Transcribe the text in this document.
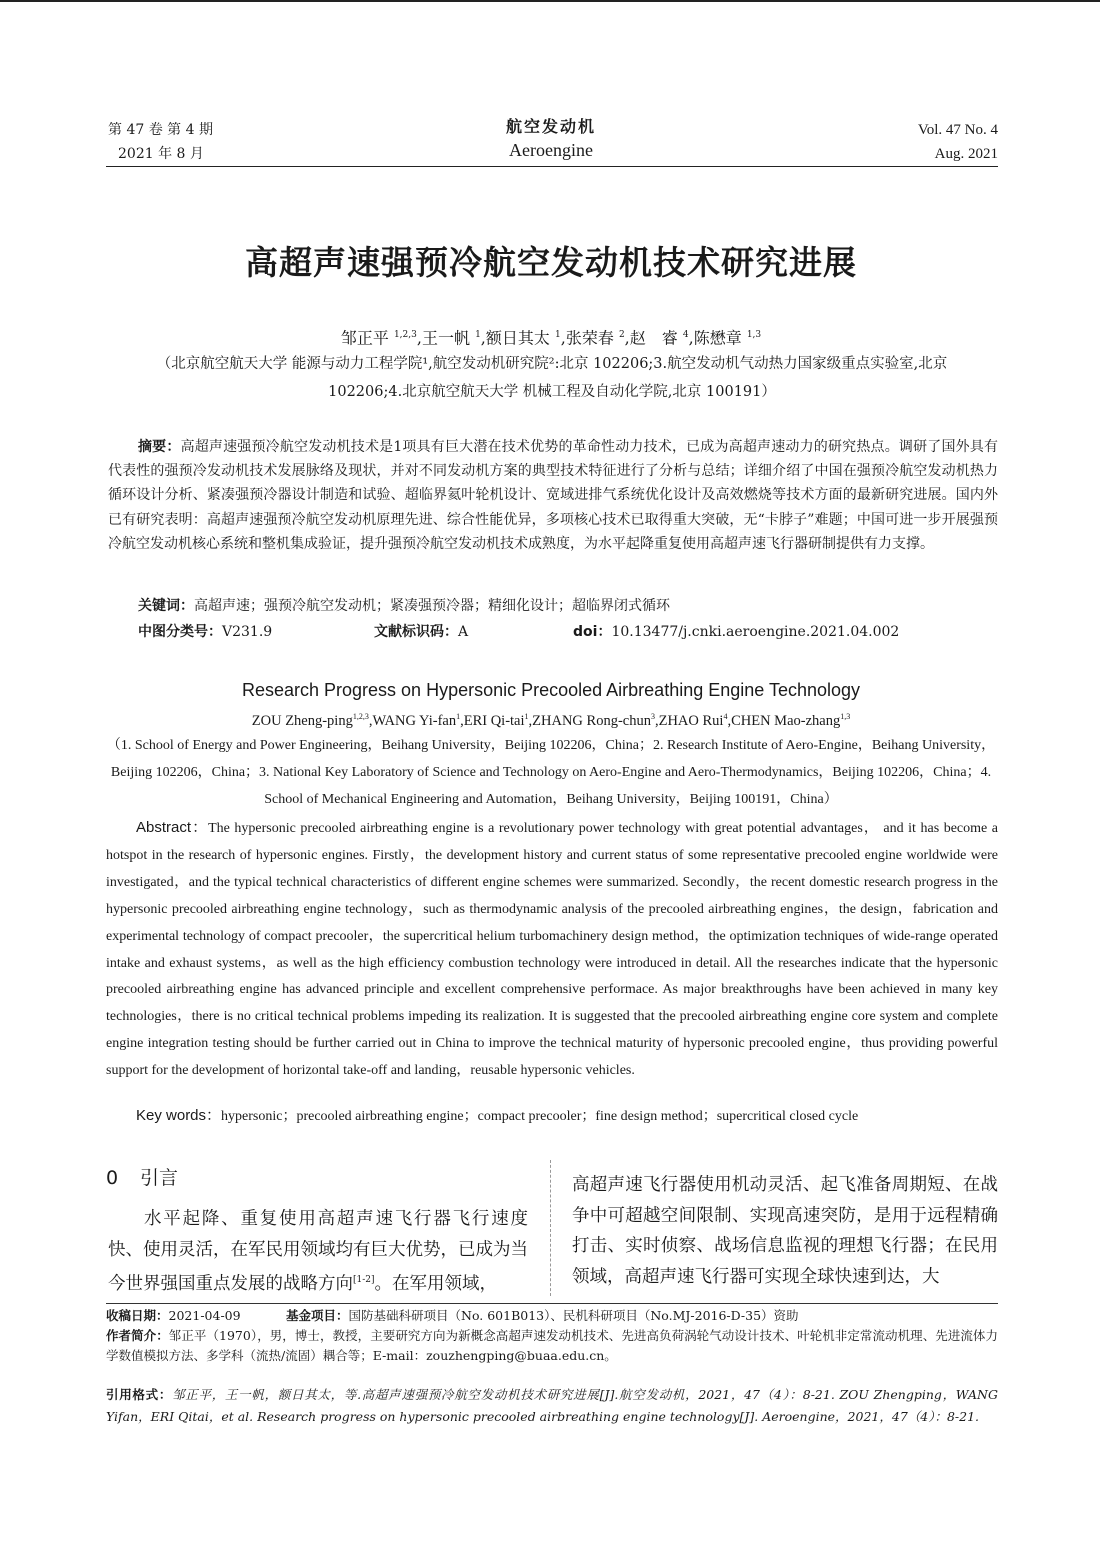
第 47 卷 第 4 期
2021 年 8 月
航空发动机
Aeroengine
Vol. 47 No. 4
Aug. 2021
高超声速强预冷航空发动机技术研究进展
邹正平 $^{1,2,3}$,王一帆 $^1$,额日其太 $^1$,张荣春 $^2$,赵　睿 $^4$,陈懋章 $^{1,3}$
（北京航空航天大学 能源与动力工程学院¹,航空发动机研究院²:北京 102206;3.航空发动机气动热力国家级重点实验室,北京
102206;4.北京航空航天大学 机械工程及自动化学院,北京 100191）
摘要：高超声速强预冷航空发动机技术是1项具有巨大潜在技术优势的革命性动力技术，已成为高超声速动力的研究热点。调研了国外具有代表性的强预冷发动机技术发展脉络及现状，并对不同发动机方案的典型技术特征进行了分析与总结；详细介绍了中国在强预冷航空发动机热力循环设计分析、紧凑强预冷器设计制造和试验、超临界氦叶轮机设计、宽域进排气系统优化设计及高效燃烧等技术方面的最新研究进展。国内外已有研究表明：高超声速强预冷航空发动机原理先进、综合性能优异，多项核心技术已取得重大突破，无“卡脖子”难题；中国可进一步开展强预冷航空发动机核心系统和整机集成验证，提升强预冷航空发动机技术成熟度，为水平起降重复使用高超声速飞行器研制提供有力支撑。
关键词：高超声速；强预冷航空发动机；紧凑强预冷器；精细化设计；超临界闭式循环
中图分类号：V231.9	文献标识码：A	doi：10.13477/j.cnki.aeroengine.2021.04.002
Research Progress on Hypersonic Precooled Airbreathing Engine Technology
ZOU Zheng-ping$^{1,2,3}$,WANG Yi-fan$^1$,ERI Qi-tai$^1$,ZHANG Rong-chun$^3$,ZHAO Rui$^4$,CHEN Mao-zhang$^{1,3}$
（1. School of Energy and Power Engineering，Beihang University，Beijing 102206，China；2. Research Institute of Aero-Engine，Beihang University，Beijing 102206，China；3. National Key Laboratory of Science and Technology on Aero-Engine and Aero-Thermodynamics，Beijing 102206，China；4. School of Mechanical Engineering and Automation，Beihang University，Beijing 100191，China）
Abstract：The hypersonic precooled airbreathing engine is a revolutionary power technology with great potential advantages， and it has become a hotspot in the research of hypersonic engines. Firstly，the development history and current status of some representative precooled engine worldwide were investigated，and the typical technical characteristics of different engine schemes were summarized. Secondly，the recent domestic research progress in the hypersonic precooled airbreathing engine technology，such as thermodynamic analysis of the precooled airbreathing engines，the design，fabrication and experimental technology of compact precooler，the supercritical helium turbomachinery design method，the optimization techniques of wide-range operated intake and exhaust systems，as well as the high efficiency combustion technology were introduced in detail. All the researches indicate that the hypersonic precooled airbreathing engine has advanced principle and excellent comprehensive performace. As major breakthroughs have been achieved in many key technologies，there is no critical technical problems impeding its realization. It is suggested that the precooled airbreathing engine core system and complete engine integration testing should be further carried out in China to improve the technical maturity of hypersonic precooled engine，thus providing powerful support for the development of horizontal take-off and landing，reusable hypersonic vehicles.
Key words：hypersonic；precooled airbreathing engine；compact precooler；fine design method；supercritical closed cycle
0 引言
水平起降、重复使用高超声速飞行器飞行速度快、使用灵活，在军民用领域均有巨大优势，已成为当今世界强国重点发展的战略方向[1-2]。在军用领域，
高超声速飞行器使用机动灵活、起飞准备周期短、在战争中可超越空间限制、实现高速突防，是用于远程精确打击、实时侦察、战场信息监视的理想飞行器；在民用领域，高超声速飞行器可实现全球快速到达，大
收稿日期：2021-04-09	基金项目：国防基础科研项目（No. 601B013）、民机科研项目（No.MJ-2016-D-35）资助
作者简介：邹正平（1970），男，博士，教授，主要研究方向为新概念高超声速发动机技术、先进高负荷涡轮气动设计技术、叶轮机非定常流动机理、先进流体力学数值模拟方法、多学科（流热/流固）耦合等；E-mail：zouzhengping@buaa.edu.cn。
引用格式：邹正平，王一帆，额日其太，等.高超声速强预冷航空发动机技术研究进展[J].航空发动机，2021，47（4）：8-21. ZOU Zhengping，WANG Yifan，ERI Qitai，et al. Research progress on hypersonic precooled airbreathing engine technology[J]. Aeroengine，2021，47（4）：8-21.
